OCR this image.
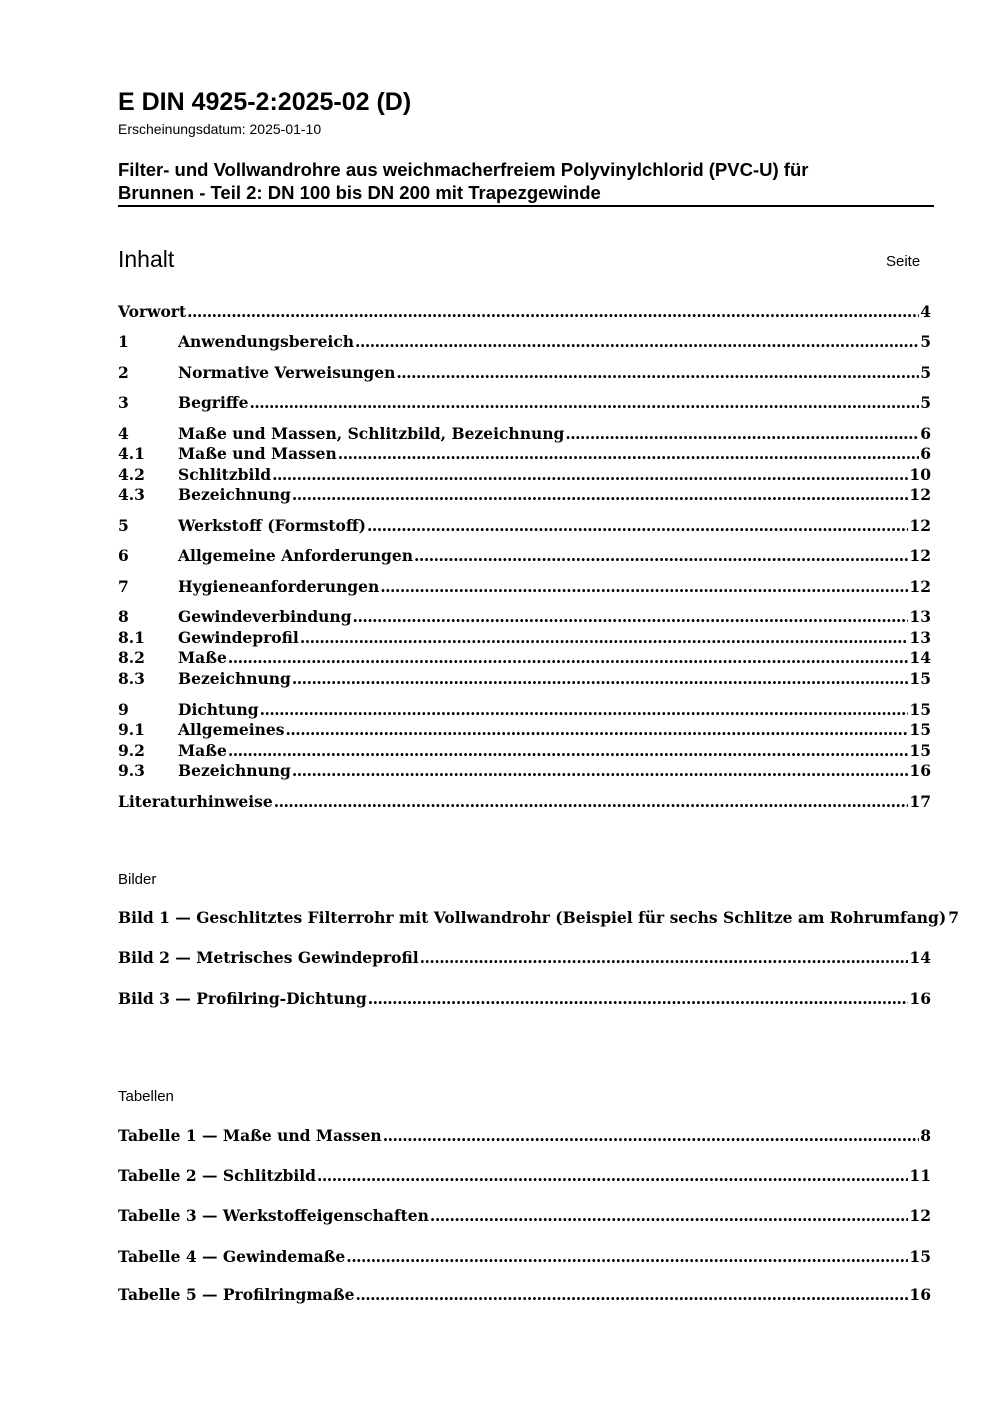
E DIN 4925-2:2025-02 (D)
Erscheinungsdatum: 2025-01-10
Filter- und Vollwandrohre aus weichmacherfreiem Polyvinylchlorid (PVC-U) für
Brunnen - Teil 2: DN 100 bis DN 200 mit Trapezgewinde
Inhalt	Seite
Vorwort .....	4
1	Anwendungsbereich .....	5
2	Normative Verweisungen .....	5
3	Begriffe .....	5
4	Maße und Massen, Schlitzbild, Bezeichnung .....	6
4.1 Maße und Massen .....	6
4.2 Schlitzbild .....	10
4.3 Bezeichnung .....	12
5	Werkstoff (Formstoff) .....	12
6	Allgemeine Anforderungen .....	12
7	Hygieneanforderungen .....	12
8	Gewindeverbindung .....	13
8.1 Gewindeprofil .....	13
8.2 Maße .....	14
8.3 Bezeichnung .....	15
9	Dichtung .....	15
9.1 Allgemeines .....	15
9.2 Maße .....	15
9.3 Bezeichnung .....	16
Literaturhinweise .....	17
Bilder
Bild 1 — Geschlitztes Filterrohr mit Vollwandrohr (Beispiel für sechs Schlitze am Rohrumfang) 7
Bild 2 — Metrisches Gewindeprofil .....	14
Bild 3 — Profilring-Dichtung .....	16
Tabellen
Tabelle 1 — Maße und Massen .....	8
Tabelle 2 — Schlitzbild .....	11
Tabelle 3 — Werkstoffeigenschaften .....	12
Tabelle 4 — Gewindemaße .....	15
Tabelle 5 — Profilringmaße .....	16
